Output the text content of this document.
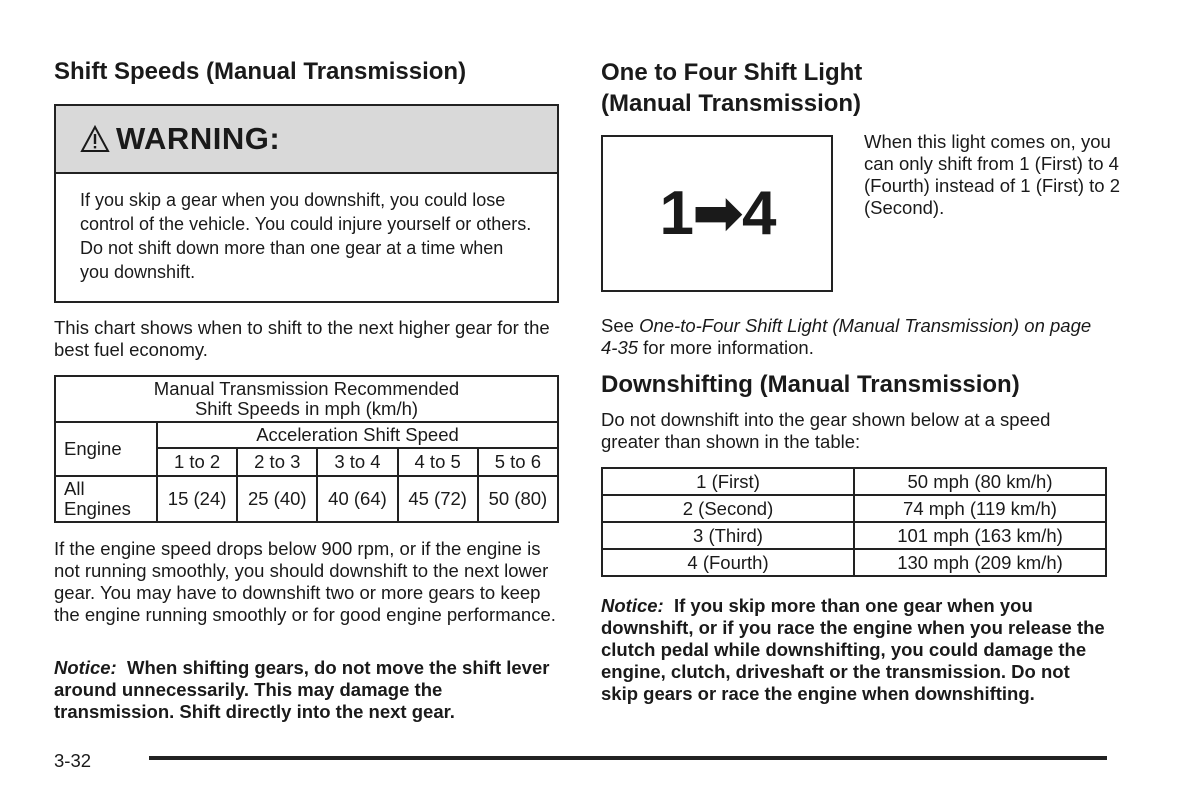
Shift Speeds (Manual Transmission)
WARNING:
If you skip a gear when you downshift, you could lose control of the vehicle. You could injure yourself or others. Do not shift down more than one gear at a time when you downshift.

This chart shows when to shift to the next higher gear for the best fuel economy.

Manual Transmission Recommended
Shift Speeds in mph (km/h)					

Engine	Acceleration Shift Speed				
	1 to 2	2 to 3	3 to 4	4 to 5	5 to 6

All
Engines	15 (24)	25 (40)	40 (64)	45 (72)	50 (80)

If the engine speed drops below 900 rpm, or if the engine is not running smoothly, you should downshift to the next lower gear. You may have to downshift two or more gears to keep the engine running smoothly or for good engine performance.

Notice: When shifting gears, do not move the shift lever around unnecessarily. This may damage the transmission. Shift directly into the next gear.

One to Four Shift Light
(Manual Transmission)
1➡4
When this light comes on, you can only shift from 1 (First) to 4 (Fourth) instead of 1 (First) to 2 (Second).

See One-to-Four Shift Light (Manual Transmission) on page 4-35 for more information.

Downshifting (Manual Transmission)

Do not downshift into the gear shown below at a speed greater than shown in the table:

1 (First)	50 mph (80 km/h)
2 (Second)	74 mph (119 km/h)
3 (Third)	101 mph (163 km/h)
4 (Fourth)	130 mph (209 km/h)

Notice: If you skip more than one gear when you downshift, or if you race the engine when you release the clutch pedal while downshifting, you could damage the engine, clutch, driveshaft or the transmission. Do not skip gears or race the engine when downshifting.

3-32
